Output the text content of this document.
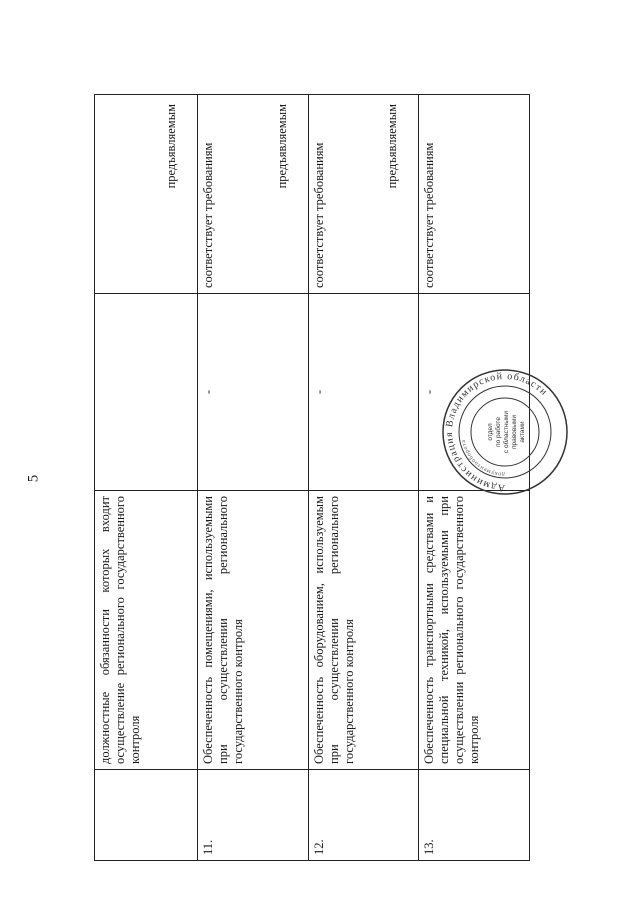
5
	должностные обязанности которых входит осуществление регионального государственного контроля		

11.	Обеспеченность помещениями, используемыми при осуществлении регионального государственного контроля	-	соответствует требованиям
предъявляемым

12.	Обеспеченность оборудованием, используемым при осуществлении регионального государственного контроля	-	соответствует требованиям
предъявляемым

13.	Обеспеченность транспортными средствами и специальной техникой, используемыми при осуществлении регионального государственного контроля	-	соответствует требованиям
предъявляемым
Администрация Владимирской области
документооборота
отдел по работе с областными правовыми актами
